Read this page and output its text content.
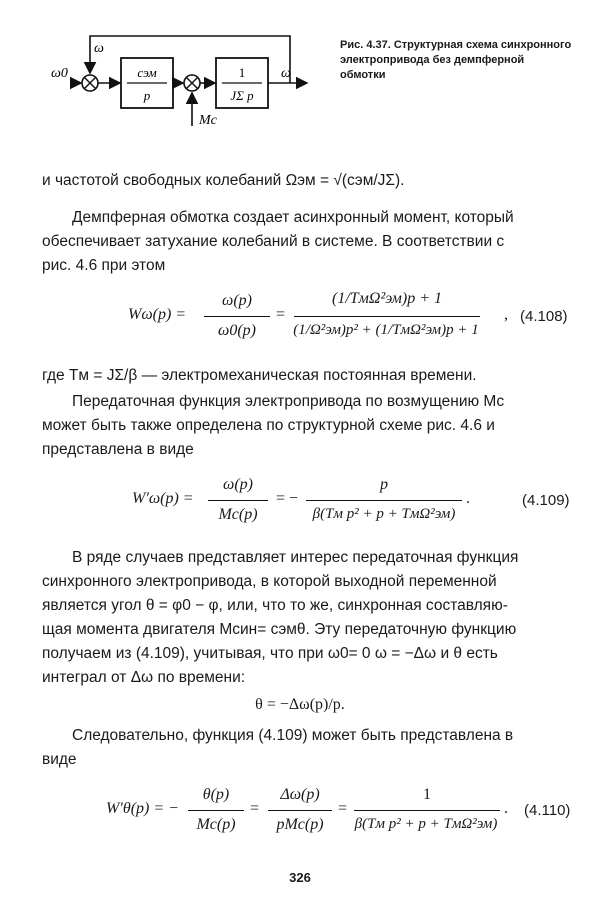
ω0	cэм
p
Mc
1
JΣ p
ω
ω	Рис. 4.37. Структурная схема синхронного электропривода без демпферной обмотки
и частотой свободных колебаний Ωэм = √(cэм/JΣ).
Демпферная обмотка создает асинхронный момент, который
обеспечивает затухание колебаний в системе. В соответствии с
рис. 4.6 при этом
Wω(p) =
ω(p)
ω0(p)
=
(1/TмΩ²эм)p + 1
(1/Ω²эм)p² + (1/TмΩ²эм)p + 1
, (4.108)
где Tм = JΣ/β — электромеханическая постоянная времени.
Передаточная функция электропривода по возмущению Mc
может быть также определена по структурной схеме рис. 4.6 и
представлена в виде
W′ω(p) =
ω(p)
Mc(p)
= −
p
β(Tм p² + p + TмΩ²эм)
.	(4.109)
В ряде случаев представляет интерес передаточная функция
синхронного электропривода, в которой выходной переменной
является угол θ = φ0 − φ, или, что то же, синхронная составляю-
щая момента двигателя Mсин= cэмθ. Эту передаточную функцию
получаем из (4.109), учитывая, что при ω0= 0 ω = −Δω и θ есть
интеграл от Δω по времени:
θ = −Δω(p)/p.
Следовательно, функция (4.109) может быть представлена в
виде
W′θ(p) = −
θ(p)
Mc(p)
=
Δω(p)
pMc(p)
=
1
β(Tм p² + p + TмΩ²эм)
. (4.110)
326
